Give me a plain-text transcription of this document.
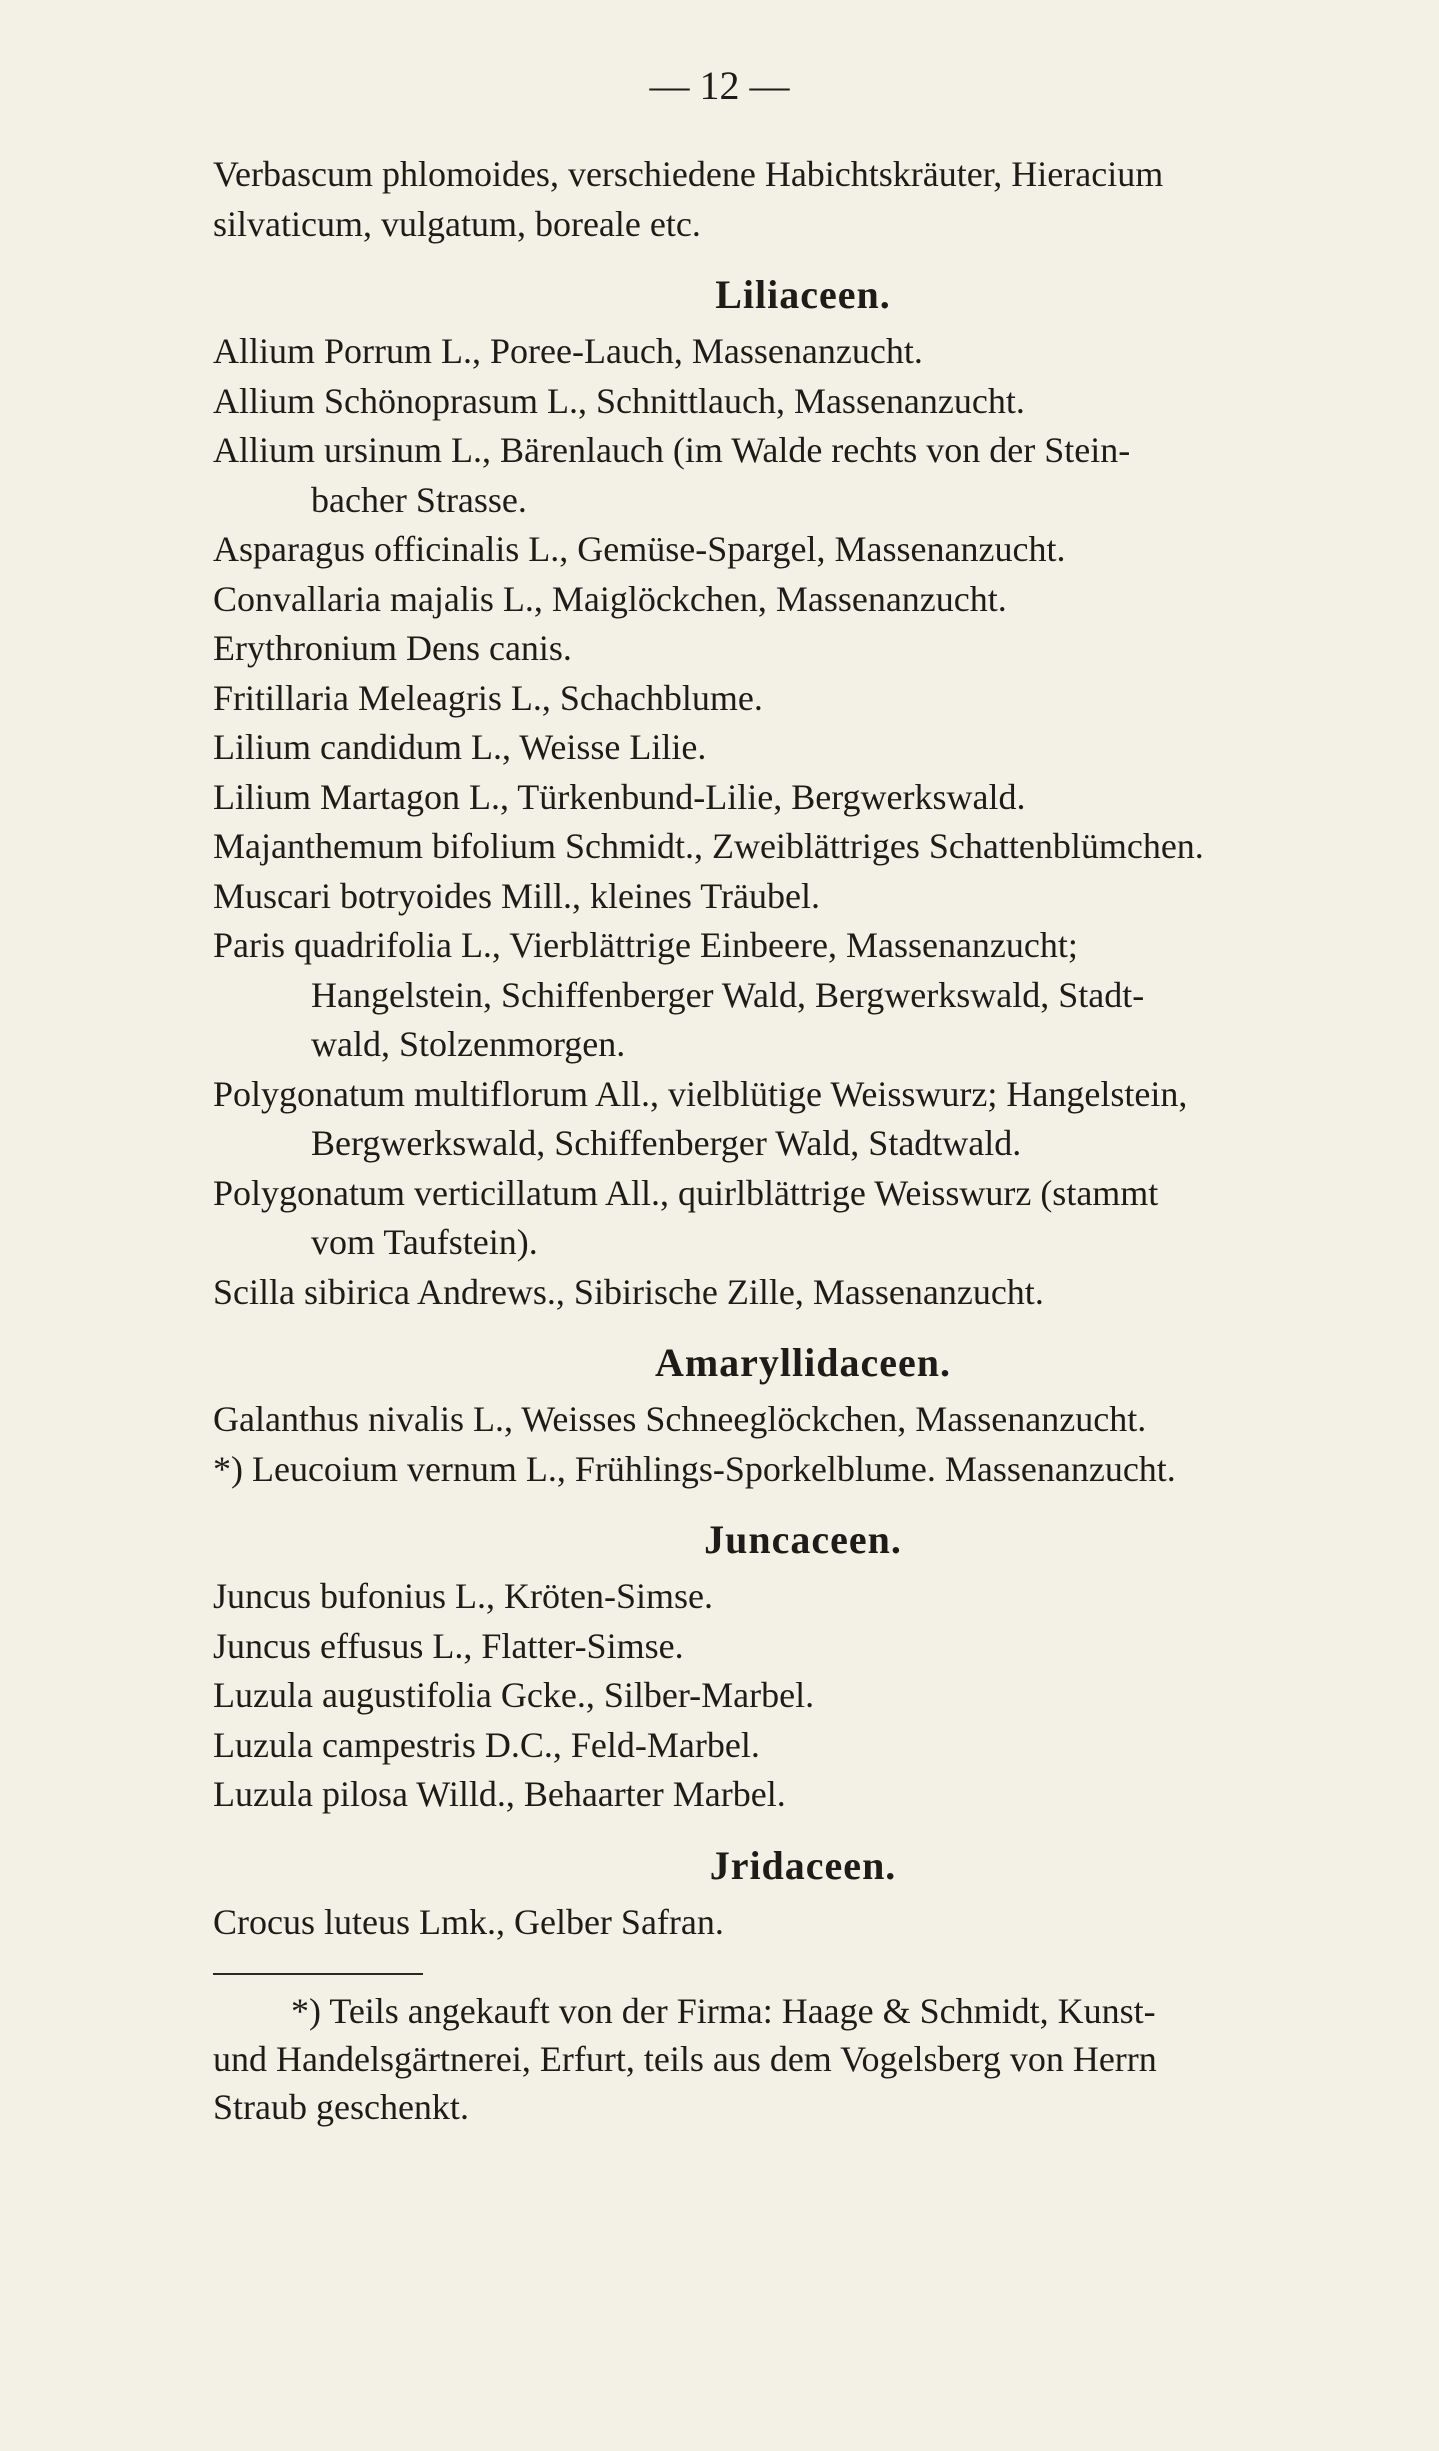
— 12 —
Verbascum phlomoides, verschiedene Habichtskräuter, Hieracium
silvaticum, vulgatum, boreale etc.
Liliaceen.
Allium Porrum L., Poree-Lauch, Massenanzucht.
Allium Schönoprasum L., Schnittlauch, Massenanzucht.
Allium ursinum L., Bärenlauch (im Walde rechts von der Stein-
bacher Strasse.
Asparagus officinalis L., Gemüse-Spargel, Massenanzucht.
Convallaria majalis L., Maiglöckchen, Massenanzucht.
Erythronium Dens canis.
Fritillaria Meleagris L., Schachblume.
Lilium candidum L., Weisse Lilie.
Lilium Martagon L., Türkenbund-Lilie, Bergwerkswald.
Majanthemum bifolium Schmidt., Zweiblättriges Schattenblümchen.
Muscari botryoides Mill., kleines Träubel.
Paris quadrifolia L., Vierblättrige Einbeere, Massenanzucht;
Hangelstein, Schiffenberger Wald, Bergwerkswald, Stadt-
wald, Stolzenmorgen.
Polygonatum multiflorum All., vielblütige Weisswurz; Hangelstein,
Bergwerkswald, Schiffenberger Wald, Stadtwald.
Polygonatum verticillatum All., quirlblättrige Weisswurz (stammt
vom Taufstein).
Scilla sibirica Andrews., Sibirische Zille, Massenanzucht.
Amaryllidaceen.
Galanthus nivalis L., Weisses Schneeglöckchen, Massenanzucht.
*) Leucoium vernum L., Frühlings-Sporkelblume. Massenanzucht.
Juncaceen.
Juncus bufonius L., Kröten-Simse.
Juncus effusus L., Flatter-Simse.
Luzula augustifolia Gcke., Silber-Marbel.
Luzula campestris D.C., Feld-Marbel.
Luzula pilosa Willd., Behaarter Marbel.
Jridaceen.
Crocus luteus Lmk., Gelber Safran.
*) Teils angekauft von der Firma: Haage & Schmidt, Kunst-
und Handelsgärtnerei, Erfurt, teils aus dem Vogelsberg von Herrn
Straub geschenkt.
